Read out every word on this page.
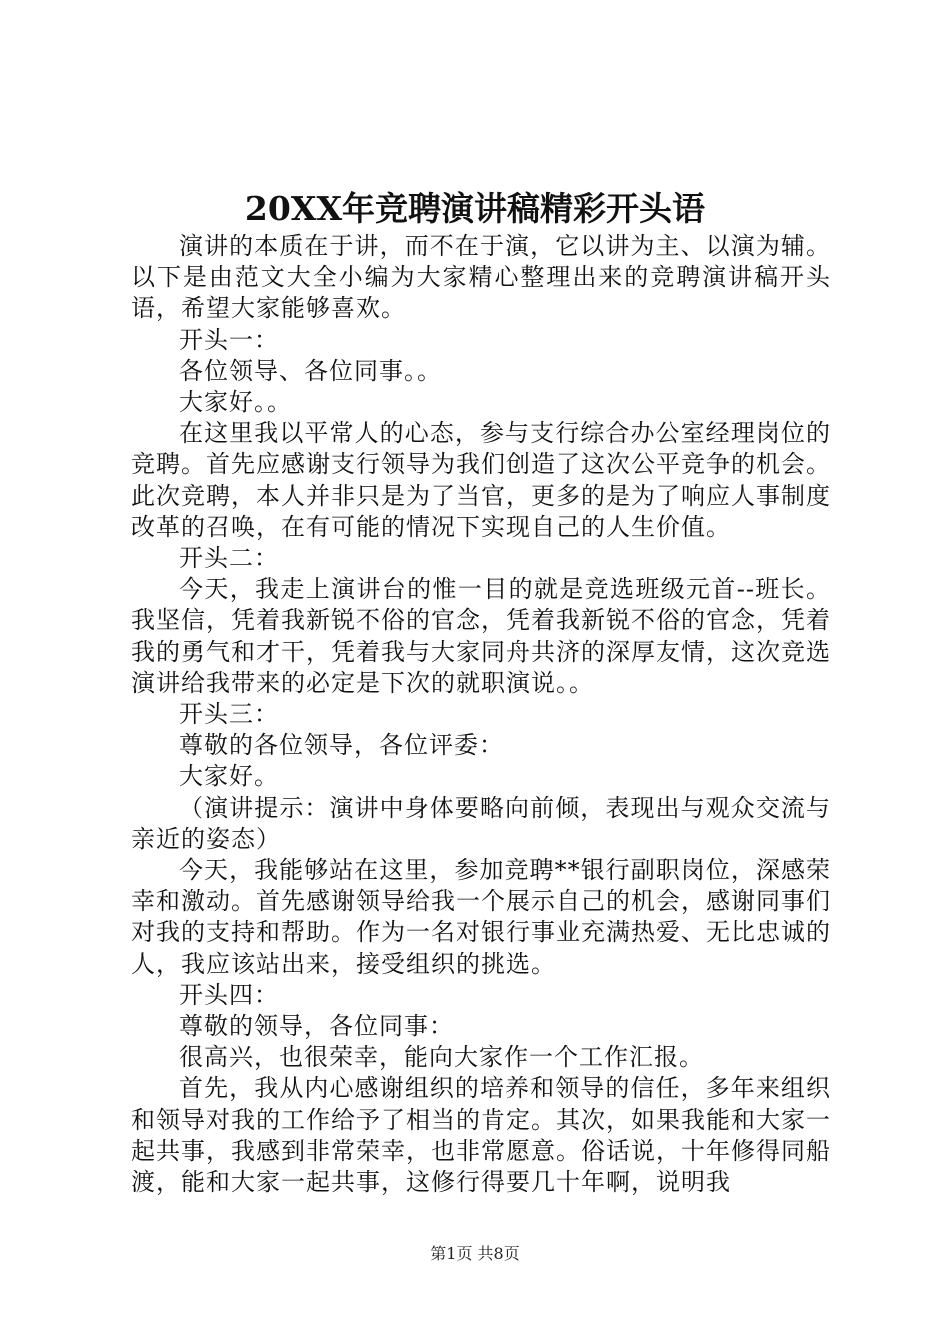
20XX年竞聘演讲稿精彩开头语

演讲的本质在于讲，而不在于演，它以讲为主、以演为辅。以下是由范文大全小编为大家精心整理出来的竞聘演讲稿开头语，希望大家能够喜欢。

开头一：

各位领导、各位同事。。

大家好。。

在这里我以平常人的心态，参与支行综合办公室经理岗位的竞聘。首先应感谢支行领导为我们创造了这次公平竞争的机会。此次竞聘，本人并非只是为了当官，更多的是为了响应人事制度改革的召唤，在有可能的情况下实现自己的人生价值。

开头二：

今天，我走上演讲台的惟一目的就是竞选班级元首--班长。我坚信，凭着我新锐不俗的官念，凭着我新锐不俗的官念，凭着我的勇气和才干，凭着我与大家同舟共济的深厚友情，这次竞选演讲给我带来的必定是下次的就职演说。。

开头三：

尊敬的各位领导，各位评委：

大家好。

（演讲提示：演讲中身体要略向前倾，表现出与观众交流与亲近的姿态）

今天，我能够站在这里，参加竞聘**银行副职岗位，深感荣幸和激动。首先感谢领导给我一个展示自己的机会，感谢同事们对我的支持和帮助。作为一名对银行事业充满热爱、无比忠诚的人，我应该站出来，接受组织的挑选。

开头四：

尊敬的领导，各位同事：

很高兴，也很荣幸，能向大家作一个工作汇报。

首先，我从内心感谢组织的培养和领导的信任，多年来组织和领导对我的工作给予了相当的肯定。其次，如果我能和大家一起共事，我感到非常荣幸，也非常愿意。俗话说，十年修得同船渡，能和大家一起共事，这修行得要几十年啊，说明我

第1页 共8页
